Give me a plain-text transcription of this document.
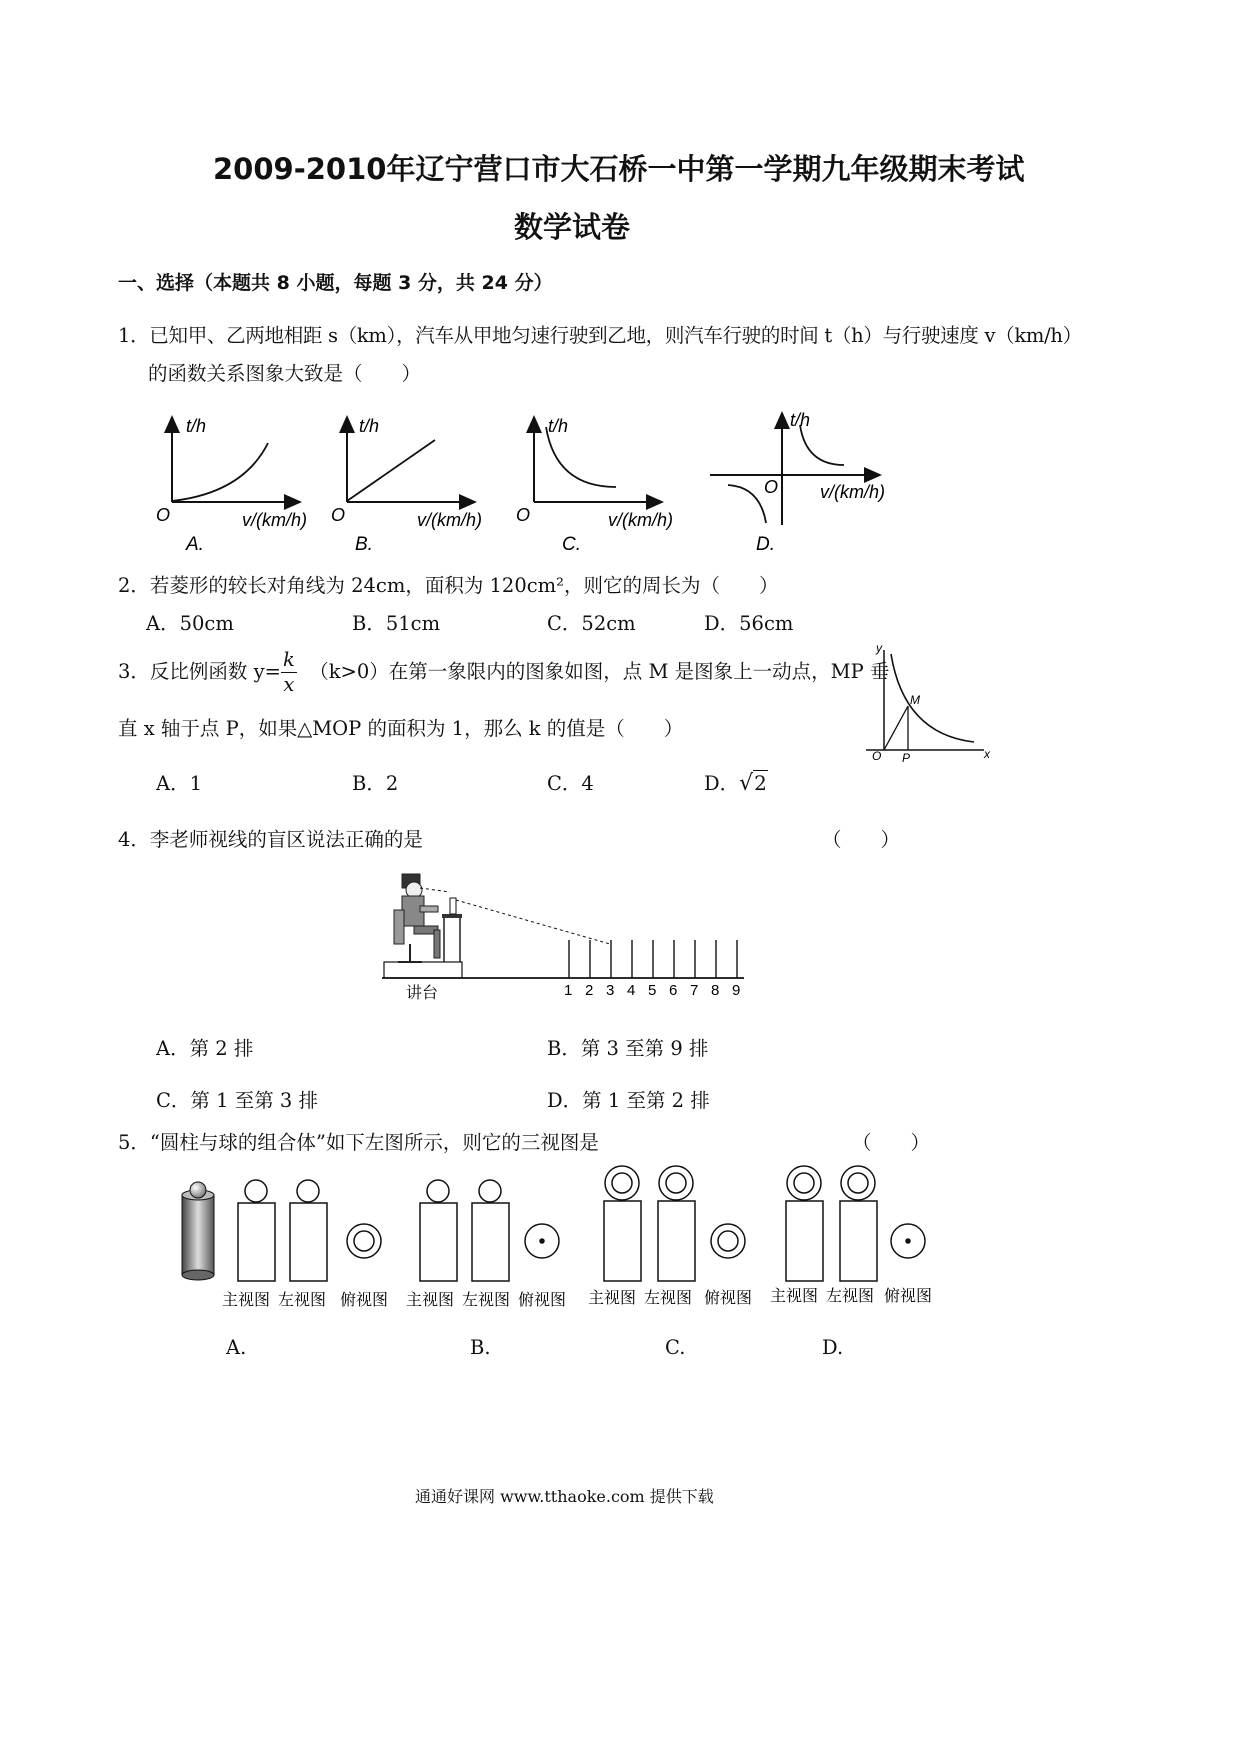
2009-2010年辽宁营口市大石桥一中第一学期九年级期末考试
数学试卷
一、选择（本题共 8 小题，每题 3 分，共 24 分）
1．已知甲、乙两地相距 s（km），汽车从甲地匀速行驶到乙地，则汽车行驶的时间 t（h）与行驶速度 v（km/h）
的函数关系图象大致是（　　）
t/h
O	v/(km/h)
A.
t/h
O	v/(km/h)
B.
t/h
O	v/(km/h)
C.
t/h
O v/(km/h)
D.
2．若菱形的较长对角线为 24cm，面积为 120cm²，则它的周长为（　　）
A．50cm	B．51cm	C．52cm	D．56cm
3．反比例函数 $y= \frac{k}{x} (k>0)$在第一象限内的图象如图，点 M 是图象上一动点，MP 垂
直 x 轴于点 P，如果△MOP 的面积为 1，那么 k 的值是（　　）
A．1	B．2	C．4	D．√2
y
x
O
M
P
4．李老师视线的盲区说法正确的是	（　　）
讲台	1 2 3 4 5 6 7 8 9
A．第 2 排	B．第 3 至第 9 排
C．第 1 至第 3 排	D．第 1 至第 2 排
5．“圆柱与球的组合体”如下左图所示，则它的三视图是	（　　）
主视图 左视图 俯视图 主视图 左视图 俯视图 主视图 左视图 俯视图 主视图 左视图 俯视图
A.	B.	C.	D.
通通好课网 www.tthaoke.com 提供下载
